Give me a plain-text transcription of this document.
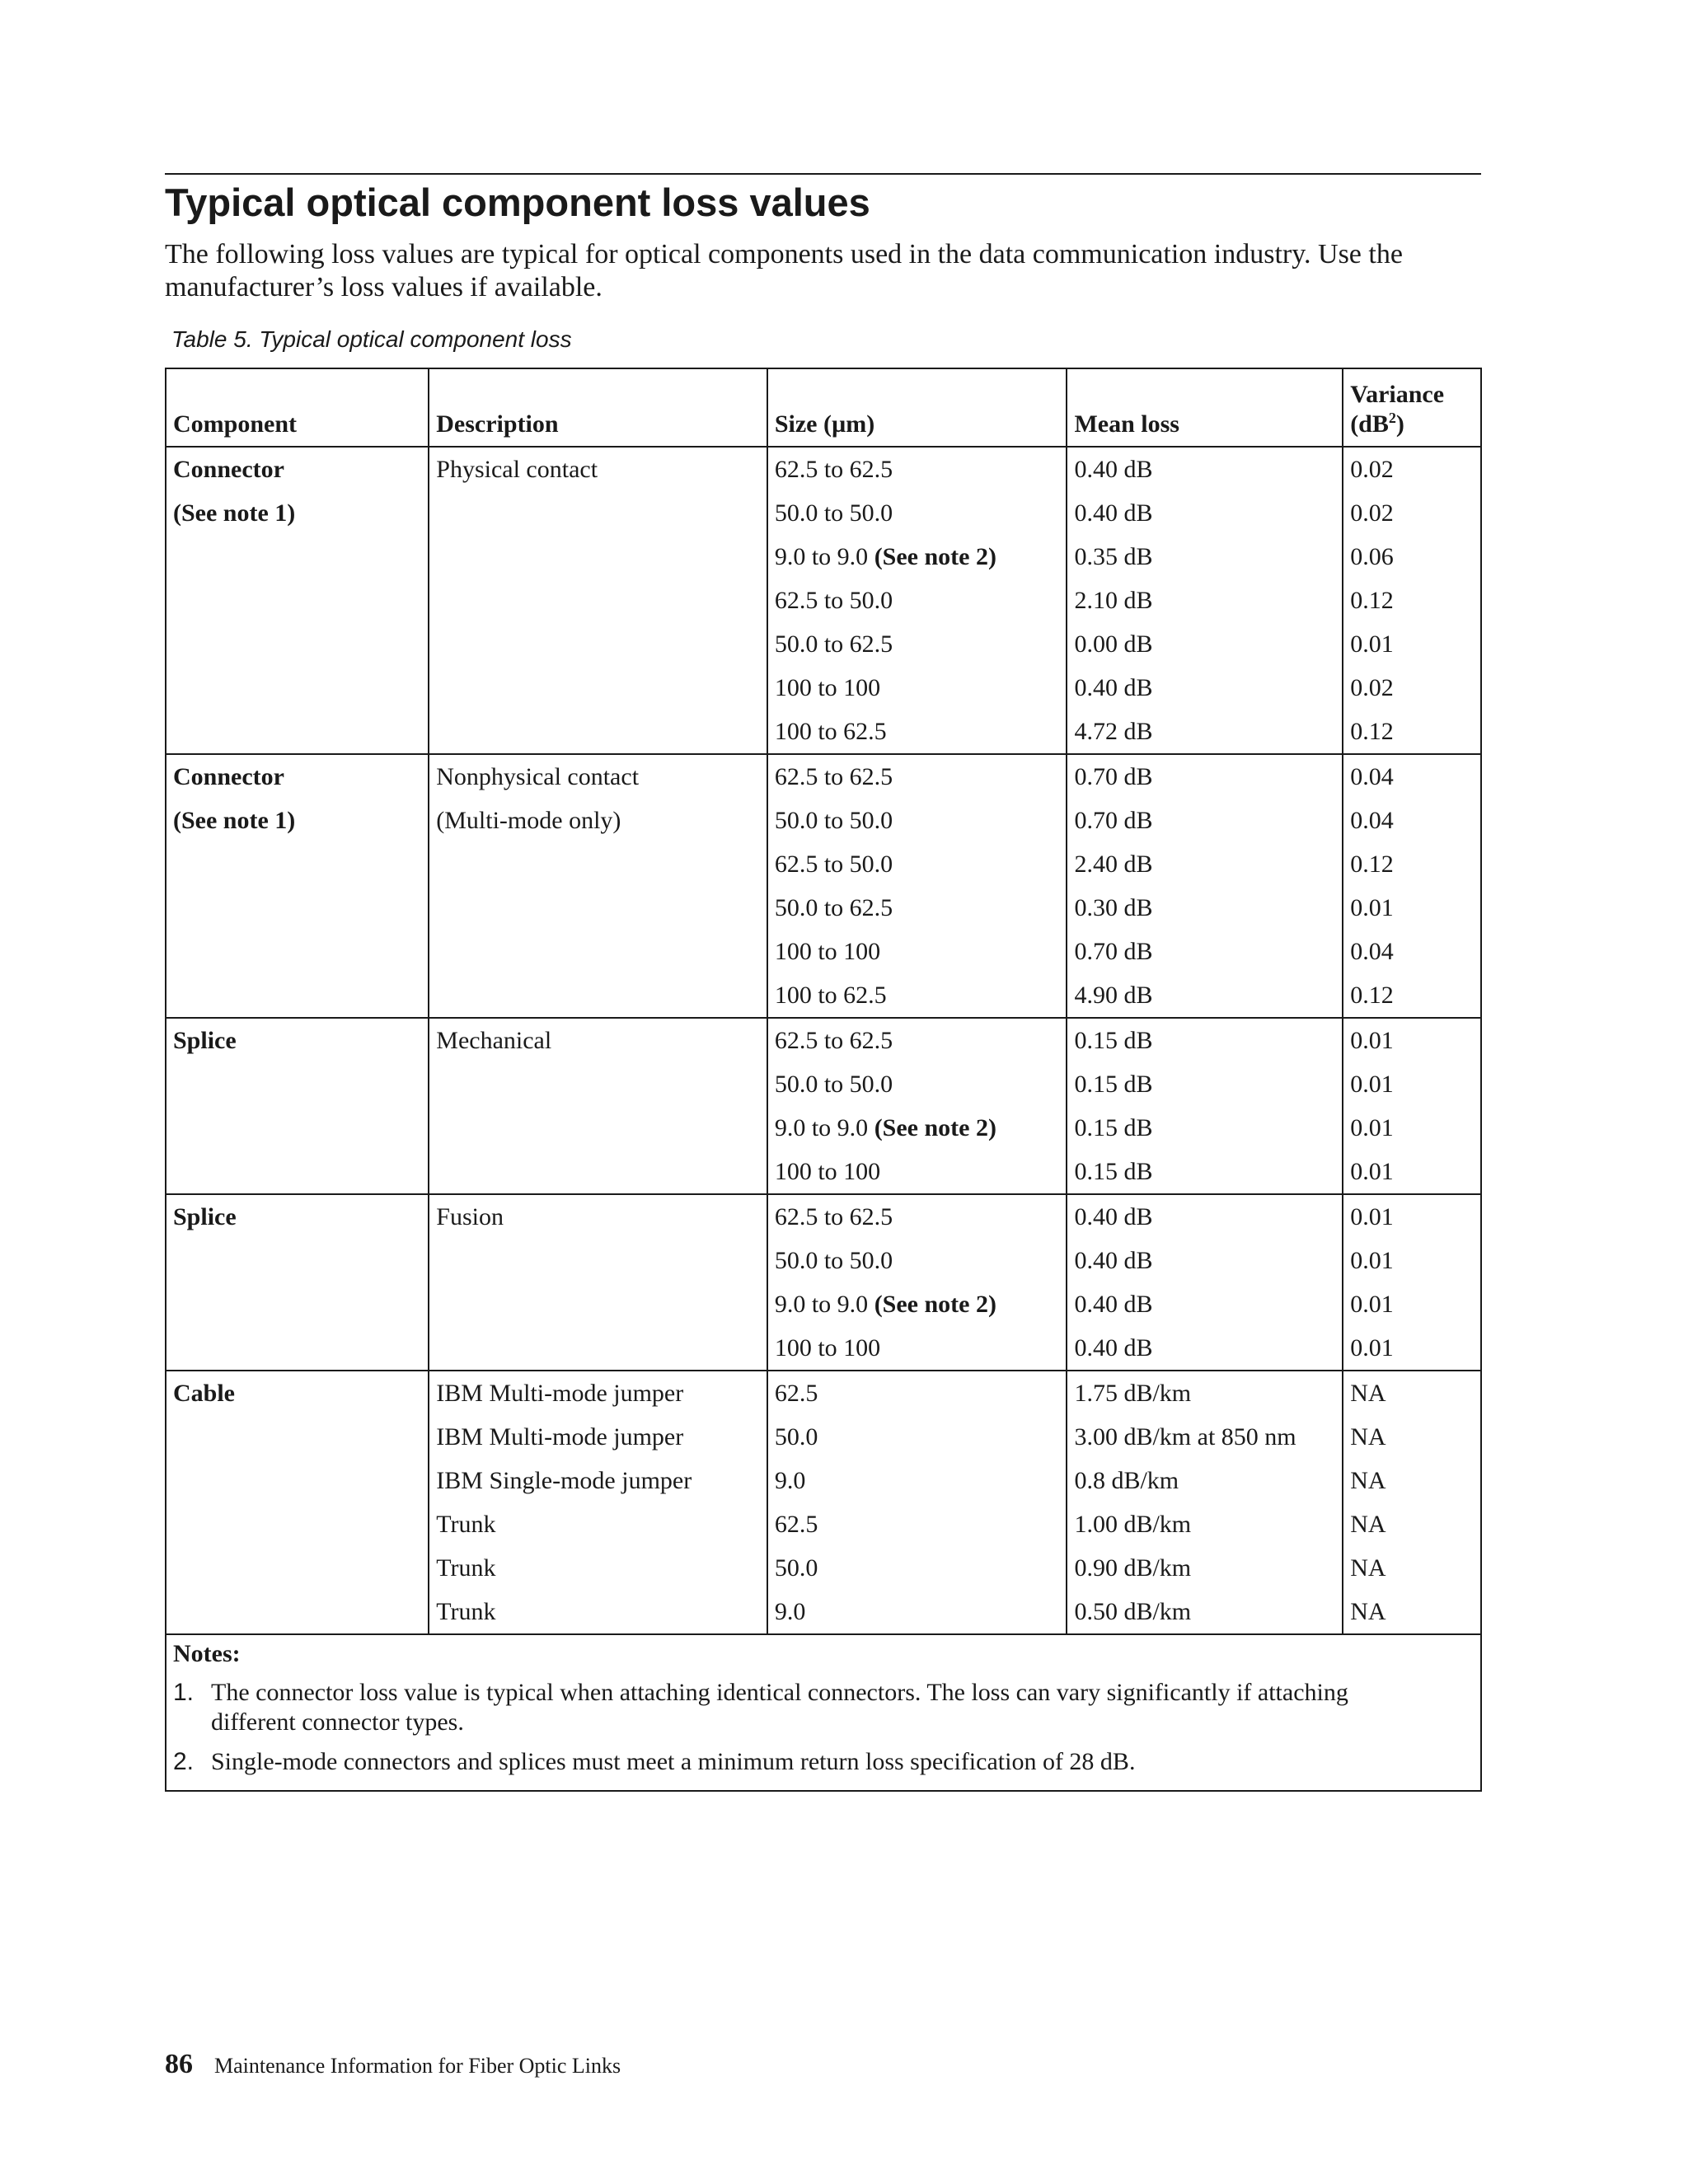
Typical optical component loss values

The following loss values are typical for optical components used in the data communication industry. Use the manufacturer’s loss values if available.

Table 5. Typical optical component loss

Component	Description	Size (µm)	Mean loss	Variance
$(dB^2)$
Connector	Physical contact	62.5 to 62.5	0.40 dB	0.02
(See note 1)		50.0 to 50.0	0.40 dB	0.02
		9.0 to 9.0 (See note 2)	0.35 dB	0.06
		62.5 to 50.0	2.10 dB	0.12
		50.0 to 62.5	0.00 dB	0.01
		100 to 100	0.40 dB	0.02
		100 to 62.5	4.72 dB	0.12
Connector	Nonphysical contact	62.5 to 62.5	0.70 dB	0.04
(See note 1)	(Multi-mode only)	50.0 to 50.0	0.70 dB	0.04
		62.5 to 50.0	2.40 dB	0.12
		50.0 to 62.5	0.30 dB	0.01
		100 to 100	0.70 dB	0.04
		100 to 62.5	4.90 dB	0.12
Splice	Mechanical	62.5 to 62.5	0.15 dB	0.01
		50.0 to 50.0	0.15 dB	0.01
		9.0 to 9.0 (See note 2)	0.15 dB	0.01
		100 to 100	0.15 dB	0.01
Splice	Fusion	62.5 to 62.5	0.40 dB	0.01
		50.0 to 50.0	0.40 dB	0.01
		9.0 to 9.0 (See note 2)	0.40 dB	0.01
		100 to 100	0.40 dB	0.01
Cable	IBM Multi-mode jumper	62.5	1.75 dB/km	NA
	IBM Multi-mode jumper	50.0	3.00 dB/km at 850 nm	NA
	IBM Single-mode jumper	9.0	0.8 dB/km	NA
	Trunk	62.5	1.00 dB/km	NA
	Trunk	50.0	0.90 dB/km	NA
	Trunk	9.0	0.50 dB/km	NA

Notes:

1. The connector loss value is typical when attaching identical connectors. The loss can vary significantly if attaching different connector types.
2. Single-mode connectors and splices must meet a minimum return loss specification of 28 dB.
86 Maintenance Information for Fiber Optic Links
